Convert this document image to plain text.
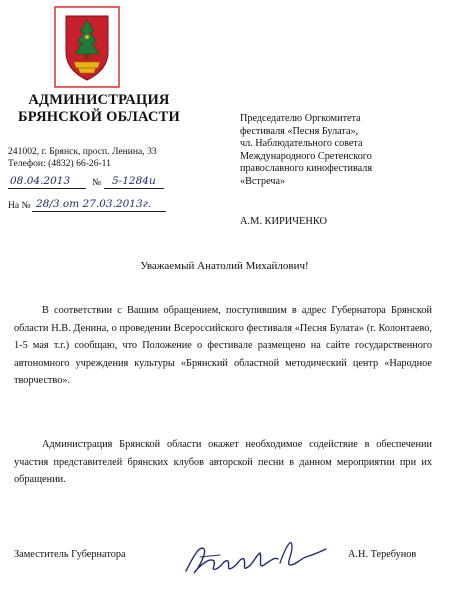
АДМИНИСТРАЦИЯ
БРЯНСКОЙ ОБЛАСТИ
241002, г. Брянск, просп. Ленина, 33
Телефон: (4832) 66-26-11
08.04.2013 № 5-1284и
На № 28/3 от 27.03.2013г.
Председателю Оргкомитета
фестиваля «Песня Булата»,
чл. Наблюдательного совета
Международного Сретенского
православного кинофестиваля
«Встреча»
А.М. КИРИЧЕНКО
Уважаемый Анатолий Михайлович!

В соответствии с Вашим обращением, поступившим в адрес Губернатора Брянской области Н.В. Денина, о проведении Всероссийского фестиваля «Песня Булата» (г. Колонтаево, 1-5 мая т.г.) сообщаю, что Положение о фестивале размещено на сайте государственного автономного учреждения культуры «Брянский областной методический центр «Народное творчество».

Администрация Брянской области окажет необходимое содействие в обеспечении участия представителей брянских клубов авторской песни в данном мероприятии при их обращении.

Заместитель Губернатора	А.Н. Теребунов
